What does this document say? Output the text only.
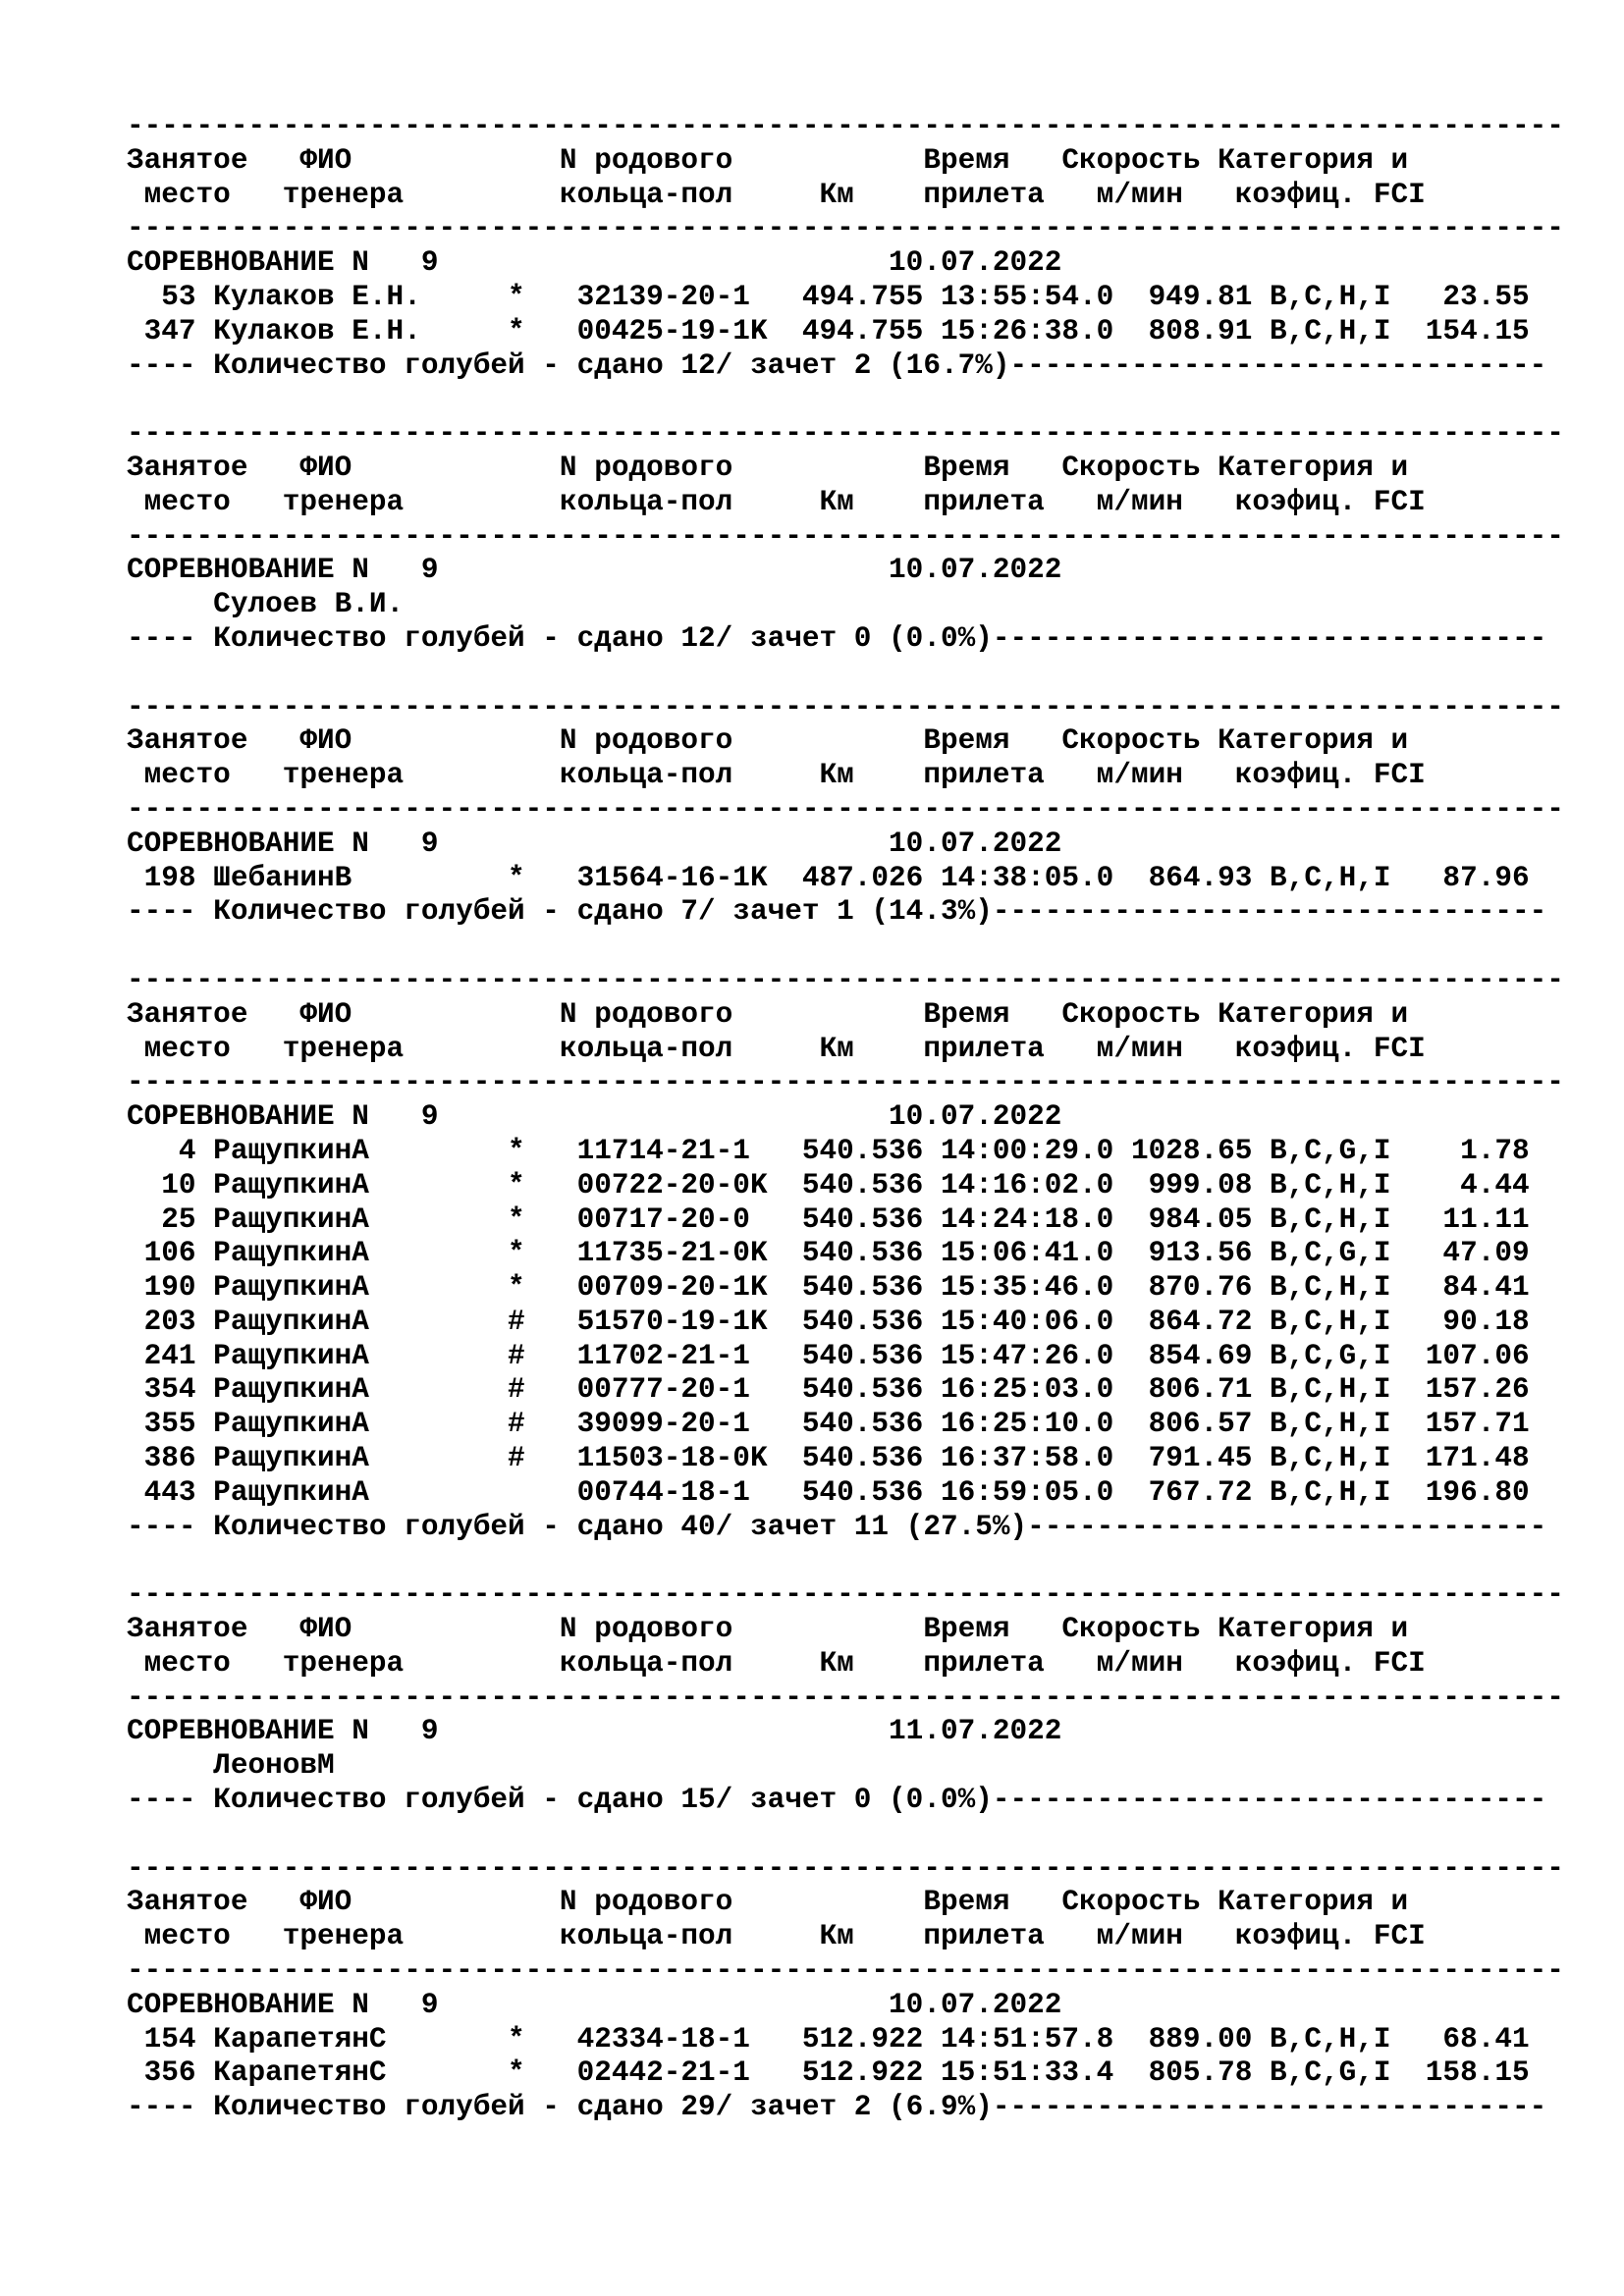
-----------------------------------------------------------------------------------
Занятое   ФИО            N родового           Время   Скорость Категория и
место   тренера         кольца-пол     Км    прилета   м/мин   коэфиц. FCI
-----------------------------------------------------------------------------------
СОРЕВНОВАНИЕ N   9                          10.07.2022
53 Кулаков Е.Н.     *   32139-20-1   494.755 13:55:54.0  949.81 B,C,H,I   23.55
347 Кулаков Е.Н.     *   00425-19-1K  494.755 15:26:38.0  808.91 B,C,H,I  154.15
---- Количество голубей - сдано 12/ зачет 2 (16.7%)-------------------------------
-----------------------------------------------------------------------------------
Занятое   ФИО            N родового           Время   Скорость Категория и
место   тренера         кольца-пол     Км    прилета   м/мин   коэфиц. FCI
-----------------------------------------------------------------------------------
СОРЕВНОВАНИЕ N   9                          10.07.2022
Сулоев В.И.
---- Количество голубей - сдано 12/ зачет 0 (0.0%)--------------------------------
-----------------------------------------------------------------------------------
Занятое   ФИО            N родового           Время   Скорость Категория и
место   тренера         кольца-пол     Км    прилета   м/мин   коэфиц. FCI
-----------------------------------------------------------------------------------
СОРЕВНОВАНИЕ N   9                          10.07.2022
198 ШебанинВ         *   31564-16-1K  487.026 14:38:05.0  864.93 B,C,H,I   87.96
---- Количество голубей - сдано 7/ зачет 1 (14.3%)--------------------------------
-----------------------------------------------------------------------------------
Занятое   ФИО            N родового           Время   Скорость Категория и
место   тренера         кольца-пол     Км    прилета   м/мин   коэфиц. FCI
-----------------------------------------------------------------------------------
СОРЕВНОВАНИЕ N   9                          10.07.2022
4 РащупкинА        *   11714-21-1   540.536 14:00:29.0 1028.65 B,C,G,I    1.78
10 РащупкинА        *   00722-20-0K  540.536 14:16:02.0  999.08 B,C,H,I    4.44
25 РащупкинА        *   00717-20-0   540.536 14:24:18.0  984.05 B,C,H,I   11.11
106 РащупкинА        *   11735-21-0K  540.536 15:06:41.0  913.56 B,C,G,I   47.09
190 РащупкинА        *   00709-20-1K  540.536 15:35:46.0  870.76 B,C,H,I   84.41
203 РащупкинА        #   51570-19-1K  540.536 15:40:06.0  864.72 B,C,H,I   90.18
241 РащупкинА        #   11702-21-1   540.536 15:47:26.0  854.69 B,C,G,I  107.06
354 РащупкинА        #   00777-20-1   540.536 16:25:03.0  806.71 B,C,H,I  157.26
355 РащупкинА        #   39099-20-1   540.536 16:25:10.0  806.57 B,C,H,I  157.71
386 РащупкинА        #   11503-18-0K  540.536 16:37:58.0  791.45 B,C,H,I  171.48
443 РащупкинА            00744-18-1   540.536 16:59:05.0  767.72 B,C,H,I  196.80
---- Количество голубей - сдано 40/ зачет 11 (27.5%)------------------------------
-----------------------------------------------------------------------------------
Занятое   ФИО            N родового           Время   Скорость Категория и
место   тренера         кольца-пол     Км    прилета   м/мин   коэфиц. FCI
-----------------------------------------------------------------------------------
СОРЕВНОВАНИЕ N   9                          11.07.2022
ЛеоновМ
---- Количество голубей - сдано 15/ зачет 0 (0.0%)--------------------------------
-----------------------------------------------------------------------------------
Занятое   ФИО            N родового           Время   Скорость Категория и
место   тренера         кольца-пол     Км    прилета   м/мин   коэфиц. FCI
-----------------------------------------------------------------------------------
СОРЕВНОВАНИЕ N   9                          10.07.2022
154 КарапетянС       *   42334-18-1   512.922 14:51:57.8  889.00 B,C,H,I   68.41
356 КарапетянС       *   02442-21-1   512.922 15:51:33.4  805.78 B,C,G,I  158.15
---- Количество голубей - сдано 29/ зачет 2 (6.9%)--------------------------------
